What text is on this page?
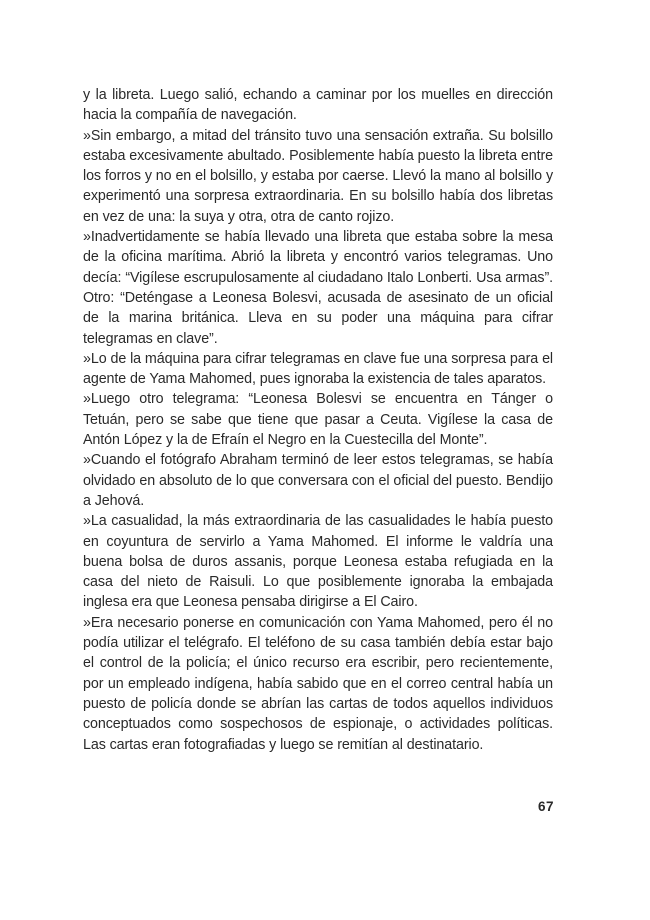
y la libreta. Luego salió, echando a caminar por los muelles en dirección hacia la compañía de navegación.

»Sin embargo, a mitad del tránsito tuvo una sensación extraña. Su bolsillo estaba excesivamente abultado. Posiblemente había puesto la libreta entre los forros y no en el bolsillo, y estaba por caerse. Llevó la mano al bolsillo y experimentó una sorpresa extraordinaria. En su bolsillo había dos libretas en vez de una: la suya y otra, otra de canto rojizo.

»Inadvertidamente se había llevado una libreta que estaba sobre la mesa de la oficina marítima. Abrió la libreta y encontró varios telegramas. Uno decía: “Vigílese escrupulosamente al ciudadano Italo Lonberti. Usa armas”. Otro: “Deténgase a Leonesa Bolesvi, acusada de asesinato de un oficial de la marina británica. Lleva en su poder una máquina para cifrar telegramas en clave”.

»Lo de la máquina para cifrar telegramas en clave fue una sorpresa para el agente de Yama Mahomed, pues ignoraba la existencia de tales aparatos.

»Luego otro telegrama: “Leonesa Bolesvi se encuentra en Tánger o Tetuán, pero se sabe que tiene que pasar a Ceuta. Vigílese la casa de Antón López y la de Efraín el Negro en la Cuestecilla del Monte”.

»Cuando el fotógrafo Abraham terminó de leer estos telegramas, se había olvidado en absoluto de lo que conversara con el oficial del puesto. Bendijo a Jehová.

»La casualidad, la más extraordinaria de las casualidades le había puesto en coyuntura de servirlo a Yama Mahomed. El informe le valdría una buena bolsa de duros assanis, porque Leonesa estaba refugiada en la casa del nieto de Raisuli. Lo que posiblemente ignoraba la embajada inglesa era que Leonesa pensaba dirigirse a El Cairo.

»Era necesario ponerse en comunicación con Yama Mahomed, pero él no podía utilizar el telégrafo. El teléfono de su casa también debía estar bajo el control de la policía; el único recurso era escribir, pero recientemente, por un empleado indígena, había sabido que en el correo central había un puesto de policía donde se abrían las cartas de todos aquellos individuos conceptuados como sospechosos de espionaje, o actividades políticas. Las cartas eran fotografiadas y luego se remitían al destinatario.

67
